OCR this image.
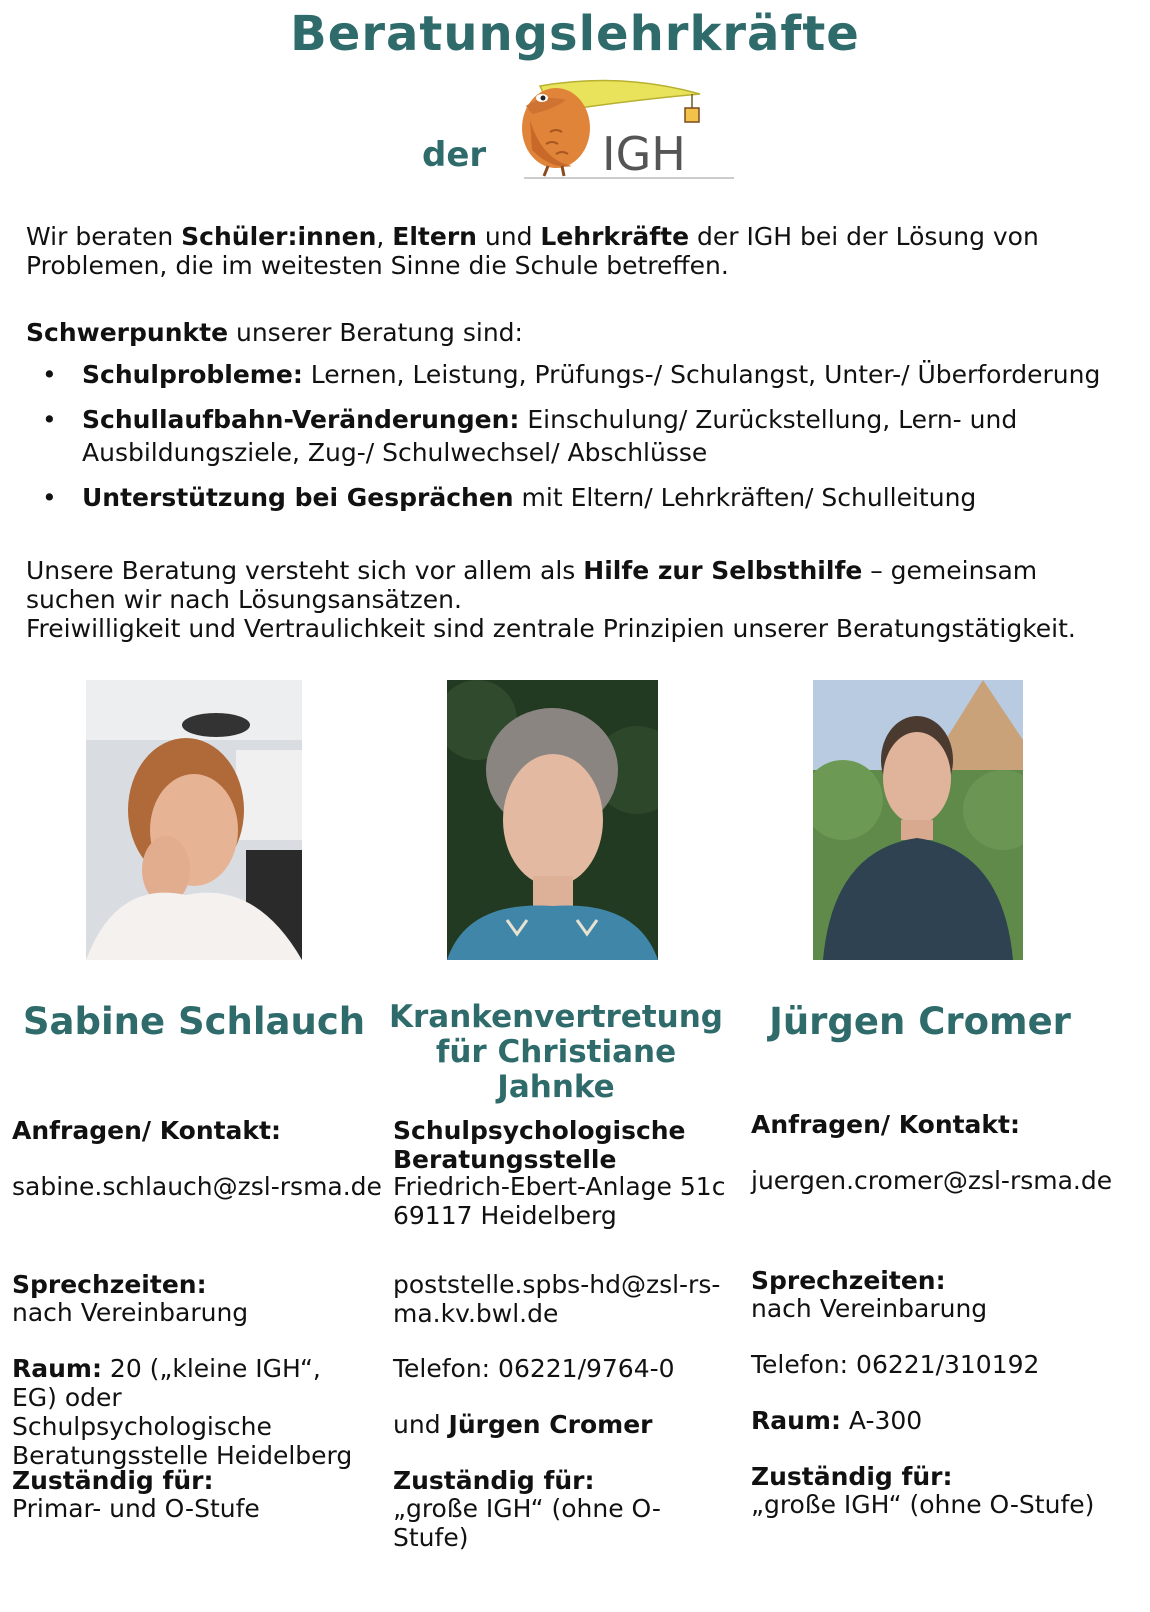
Beratungslehrkräfte
der	IGH
Wir beraten Schüler:innen, Eltern und Lehrkräfte der IGH bei der Lösung von Problemen, die im weitesten Sinne die Schule betreffen.
Schwerpunkte unserer Beratung sind:
• Schulprobleme: Lernen, Leistung, Prüfungs-/ Schulangst, Unter-/ Überforderung
• Schullaufbahn-Veränderungen: Einschulung/ Zurückstellung, Lern- und Ausbildungsziele, Zug-/ Schulwechsel/ Abschlüsse
• Unterstützung bei Gesprächen mit Eltern/ Lehrkräften/ Schulleitung
Unsere Beratung versteht sich vor allem als Hilfe zur Selbsthilfe – gemeinsam suchen wir nach Lösungsansätzen.
Freiwilligkeit und Vertraulichkeit sind zentrale Prinzipien unserer Beratungstätigkeit.
Sabine Schlauch Krankenvertretung
für Christiane Jahnke
Jürgen Cromer
Anfragen/ Kontakt:
sabine.schlauch@zsl-rsma.de
Sprechzeiten:
nach Vereinbarung
Raum: 20 („kleine IGH“, EG) oder Schulpsychologische Beratungsstelle Heidelberg
Zuständig für:
Primar- und O-Stufe
Schulpsychologische
Beratungsstelle
Friedrich-Ebert-Anlage 51c
69117 Heidelberg
poststelle.spbs-hd@zsl-rs-
ma.kv.bwl.de
Telefon: 06221/9764-0
und Jürgen Cromer
Zuständig für:
„große IGH“ (ohne O-Stufe)
Anfragen/ Kontakt:
juergen.cromer@zsl-rsma.de
Sprechzeiten:
nach Vereinbarung
Telefon: 06221/310192
Raum: A-300
Zuständig für:
„große IGH“ (ohne O-Stufe)
